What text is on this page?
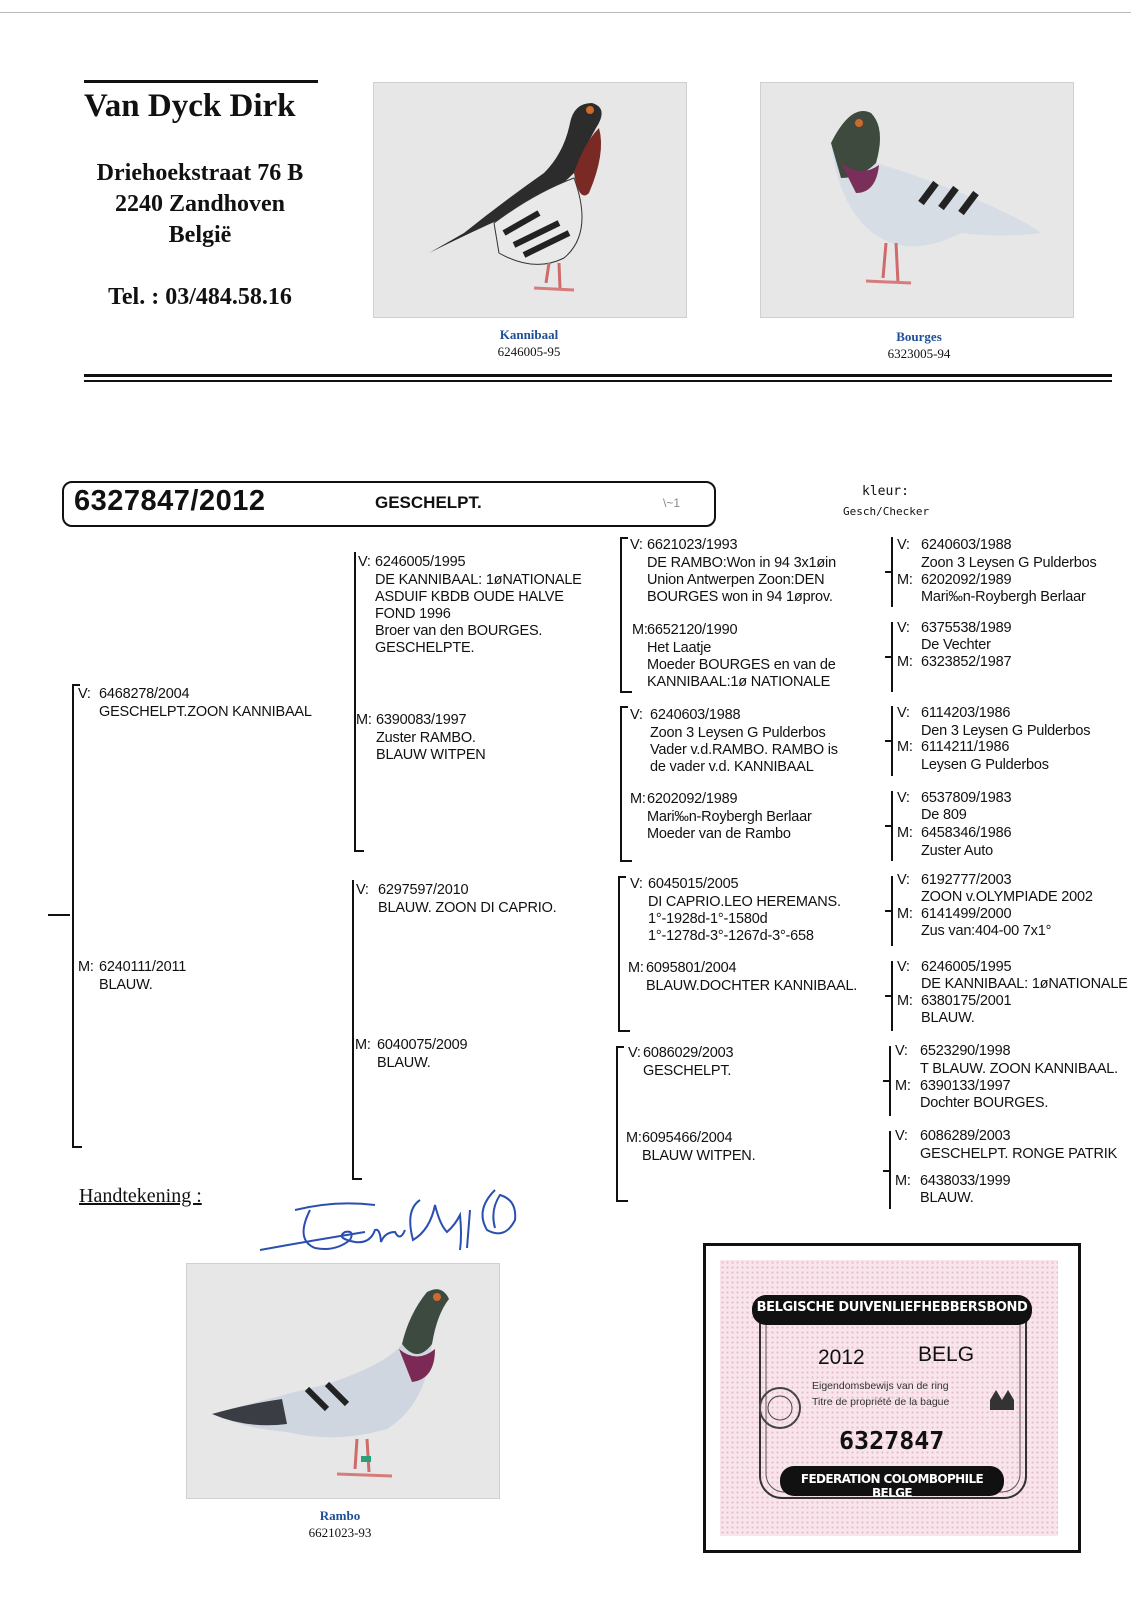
Van Dyck Dirk
Driehoekstraat 76 B
2240 Zandhoven
België
Tel. : 03/484.58.16
Kannibaal
6246005-95
Bourges
6323005-94
6327847/2012	GESCHELPT.	\~1
kleur:
Gesch/Checker
V: 6468278/2004
GESCHELPT.ZOON KANNIBAAL
M: 6240111/2011
BLAUW.
V: 6246005/1995
DE KANNIBAAL: 1øNATIONALE
ASDUIF KBDB OUDE HALVE
FOND 1996
Broer van den BOURGES.
GESCHELPTE.
M: 6390083/1997
Zuster RAMBO.
BLAUW WITPEN
V: 6297597/2010
BLAUW. ZOON DI CAPRIO.
M: 6040075/2009
BLAUW.
V: 6621023/1993
DE RAMBO:Won in 94 3x1øin
Union Antwerpen Zoon:DEN
BOURGES won in 94 1øprov.
M: 6652120/1990
Het Laatje
Moeder BOURGES en van de
KANNIBAAL:1ø NATIONALE
V: 6240603/1988
Zoon 3 Leysen G Pulderbos
Vader v.d.RAMBO. RAMBO is
de vader v.d. KANNIBAAL
M: 6202092/1989
Mari‰n-Roybergh Berlaar
Moeder van de Rambo
V: 6045015/2005
DI CAPRIO.LEO HEREMANS.
1°-1928d-1°-1580d
1°-1278d-3°-1267d-3°-658
M: 6095801/2004
BLAUW.DOCHTER KANNIBAAL.
V: 6086029/2003
GESCHELPT.
M: 6095466/2004
BLAUW WITPEN.
V: 6240603/1988
Zoon 3 Leysen G Pulderbos
M: 6202092/1989
Mari‰n-Roybergh Berlaar
V: 6375538/1989
De Vechter
M: 6323852/1987
V: 6114203/1986
Den 3 Leysen G Pulderbos
M: 6114211/1986
Leysen G Pulderbos
V: 6537809/1983
De 809
M: 6458346/1986
Zuster Auto
V: 6192777/2003
ZOON v.OLYMPIADE 2002
M: 6141499/2000
Zus van:404-00 7x1°
V: 6246005/1995
DE KANNIBAAL: 1øNATIONALE
M: 6380175/2001
BLAUW.
V: 6523290/1998
T BLAUW. ZOON KANNIBAAL.
M: 6390133/1997
Dochter BOURGES.
V: 6086289/2003
GESCHELPT. RONGE PATRIK
M: 6438033/1999
BLAUW.
Handtekening :
Rambo
6621023-93
BELGISCHE DUIVENLIEFHEBBERSBOND
2012	BELG
Eigendomsbewijs van de ring
Titre de propriété de la bague
6327847
FEDERATION COLOMBOPHILE BELGE
